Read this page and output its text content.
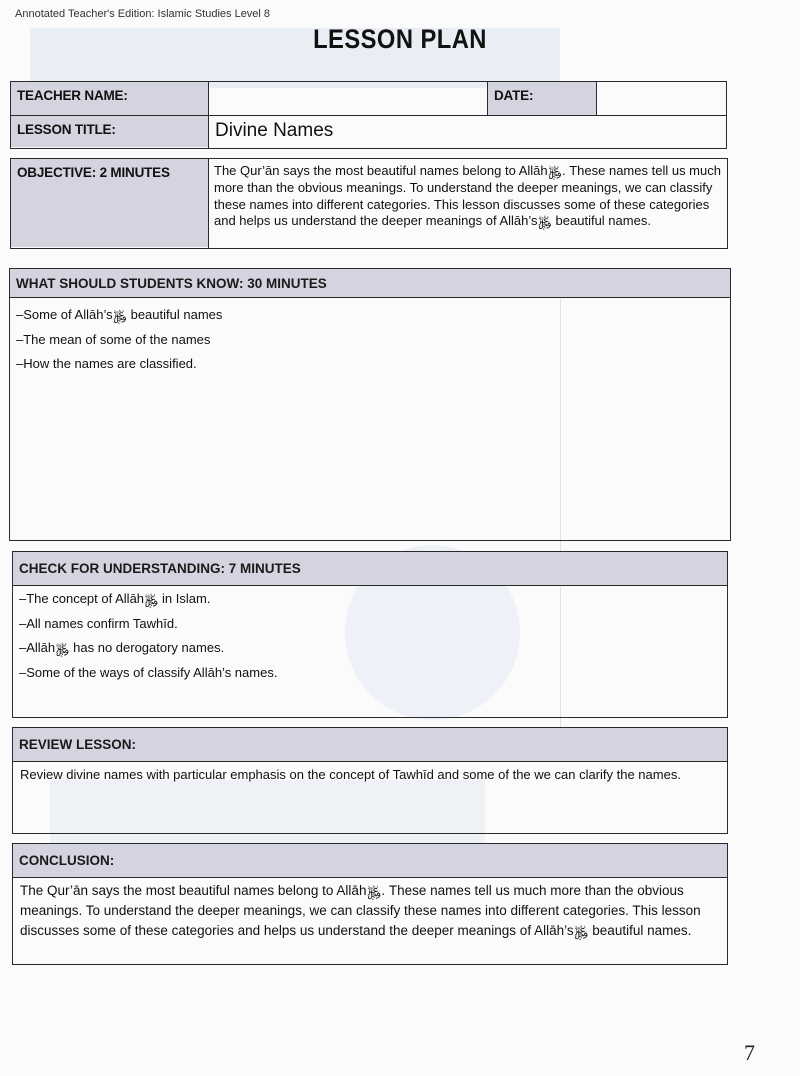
Annotated Teacher's Edition: Islamic Studies Level 8
LESSON PLAN
TEACHER NAME:	DATE:
LESSON TITLE:	Divine Names
OBJECTIVE: 2 MINUTES	The Qur’ān says the most beautiful names belong to Allāh﷿. These names tell us much more than the obvious meanings. To understand the deeper meanings, we can classify these names into different categories. This lesson discusses some of these categories and helps us understand the deeper meanings of Allāh’s﷿ beautiful names.
WHAT SHOULD STUDENTS KNOW: 30 MINUTES
–Some of Allāh’s﷿ beautiful names
–The mean of some of the names
–How the names are classified.
CHECK FOR UNDERSTANDING: 7 MINUTES
–The concept of Allāh﷿ in Islam.
–All names confirm Tawhīd.
–Allāh﷿ has no derogatory names.
–Some of the ways of classify Allāh’s names.
REVIEW LESSON:
Review divine names with particular emphasis on the concept of Tawhīd and some of the we can clarify the names.
CONCLUSION:
The Qur’ān says the most beautiful names belong to Allāh﷿. These names tell us much more than the obvious meanings. To understand the deeper meanings, we can classify these names into different categories. This lesson discusses some of these categories and helps us understand the deeper meanings of Allāh’s﷿ beautiful names.
7
